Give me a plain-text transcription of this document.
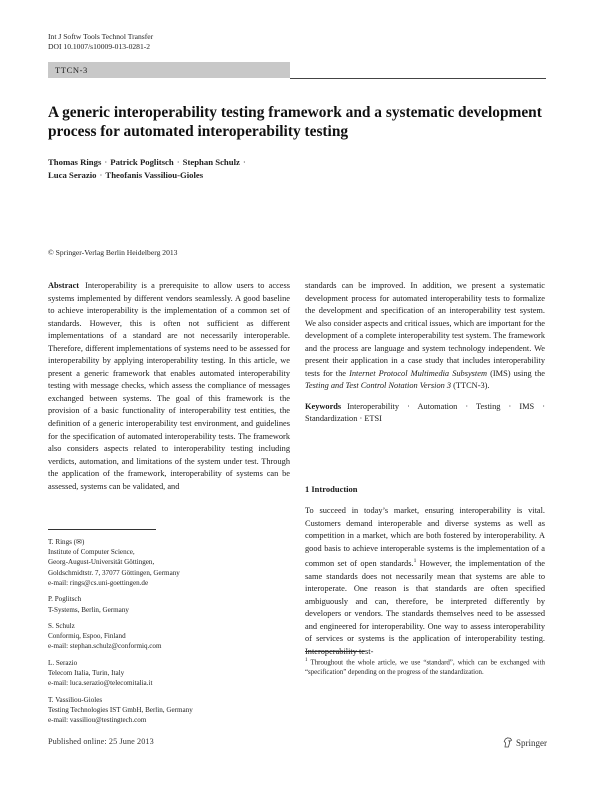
Int J Softw Tools Technol Transfer
DOI 10.1007/s10009-013-0281-2
TTCN-3
A generic interoperability testing framework and a systematic development process for automated interoperability testing
Thomas Rings · Patrick Poglitsch · Stephan Schulz ·
Luca Serazio · Theofanis Vassiliou-Gioles
© Springer-Verlag Berlin Heidelberg 2013

Abstract Interoperability is a prerequisite to allow users to access systems implemented by different vendors seamlessly. A good baseline to achieve interoperability is the implementation of a common set of standards. However, this is often not sufficient as different implementations of a standard are not necessarily interoperable. Therefore, different implementations of systems need to be assessed for interoperability by applying interoperability testing. In this article, we present a generic framework that enables automated interoperability testing with message checks, which assess the compliance of messages exchanged between systems. The goal of this framework is the provision of a basic functionality of interoperability test entities, the definition of a generic interoperability test environment, and guidelines for the specification of automated interoperability tests. The framework also considers aspects related to interoperability testing including verdicts, automation, and limitations of the system under test. Through the application of the framework, interoperability of systems can be assessed, systems can be validated, and

standards can be improved. In addition, we present a systematic development process for automated interoperability tests to formalize the development and specification of an interoperability test system. We also consider aspects and critical issues, which are important for the development of a complete interoperability test system. The framework and the process are language and system technology independent. We present their application in a case study that includes interoperability tests for the Internet Protocol Multimedia Subsystem (IMS) using the Testing and Test Control Notation Version 3 (TTCN-3).

Keywords Interoperability · Automation · Testing · IMS · Standardization · ETSI

1 Introduction

To succeed in today’s market, ensuring interoperability is vital. Customers demand interoperable and diverse systems as well as competition in a market, which are both fostered by interoperability. A good basis to achieve interoperable systems is the implementation of a common set of open standards.$^1$ However, the implementation of the same standards does not necessarily mean that systems are able to interoperate. One reason is that standards are often specified ambiguously and can, therefore, be interpreted differently by developers or vendors. The standards themselves need to be assessed and engineered for interoperability. One way to assess interoperability of services or systems is the application of interoperability testing. Interoperability test-

T. Rings (✉)
Institute of Computer Science,
Georg-August-Universität Göttingen,
Goldschmidtstr. 7, 37077 Göttingen, Germany
e-mail: rings@cs.uni-goettingen.de
P. Poglitsch
T-Systems, Berlin, Germany
S. Schulz
Conformiq, Espoo, Finland
e-mail: stephan.schulz@conformiq.com
L. Serazio
Telecom Italia, Turin, Italy
e-mail: luca.serazio@telecomitalia.it
T. Vassiliou-Gioles
Testing Technologies IST GmbH, Berlin, Germany
e-mail: vassiliou@testingtech.com
$^1$ Throughout the whole article, we use “standard”, which can be exchanged with “specification” depending on the progress of the standardization.
Published online: 25 June 2013	Springer
